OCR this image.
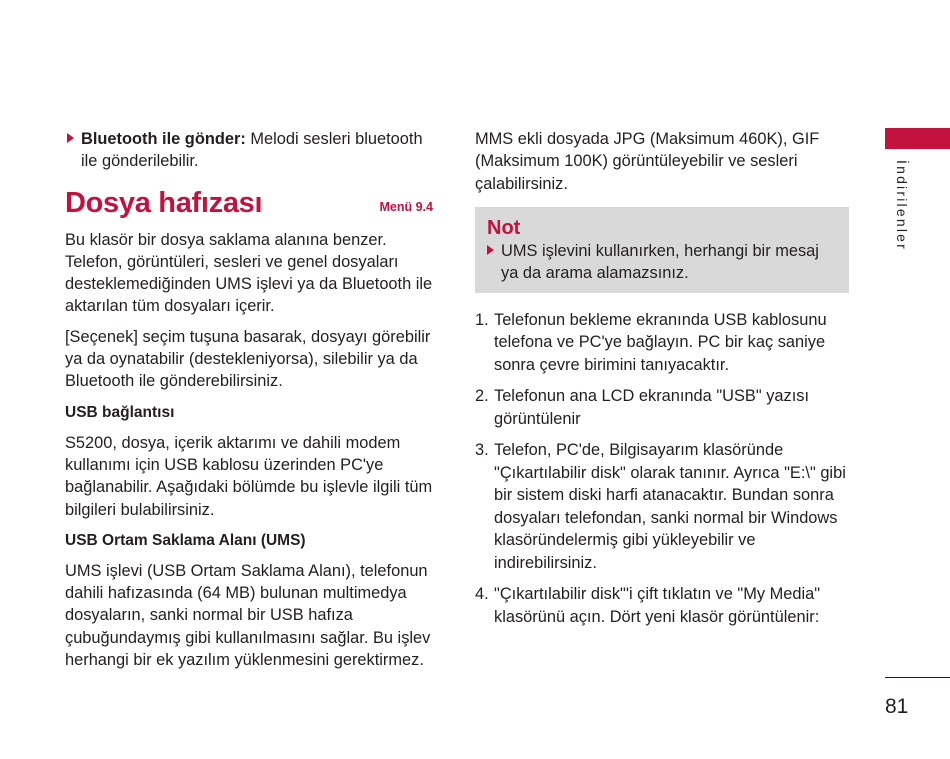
Bluetooth ile gönder: Melodi sesleri bluetooth ile gönderilebilir.

Dosya hafızası	Menü 9.4

Bu klasör bir dosya saklama alanına benzer. Telefon, görüntüleri, sesleri ve genel dosyaları desteklemediğinden UMS işlevi ya da Bluetooth ile aktarılan tüm dosyaları içerir.

[Seçenek] seçim tuşuna basarak, dosyayı görebilir ya da oynatabilir (destekleniyorsa), silebilir ya da Bluetooth ile gönderebilirsiniz.

USB bağlantısı

S5200, dosya, içerik aktarımı ve dahili modem kullanımı için USB kablosu üzerinden PC'ye bağlanabilir. Aşağıdaki bölümde bu işlevle ilgili tüm bilgileri bulabilirsiniz.

USB Ortam Saklama Alanı (UMS)

UMS işlevi (USB Ortam Saklama Alanı), telefonun dahili hafızasında (64 MB) bulunan multimedya dosyaların, sanki normal bir USB hafıza çubuğundaymış gibi kullanılmasını sağlar. Bu işlev herhangi bir ek yazılım yüklenmesini gerektirmez.

MMS ekli dosyada JPG (Maksimum 460K), GIF (Maksimum 100K) görüntüleyebilir ve sesleri çalabilirsiniz.

Not

UMS işlevini kullanırken, herhangi bir mesaj ya da arama alamazsınız.

1. Telefonun bekleme ekranında USB kablosunu telefona ve PC'ye bağlayın. PC bir kaç saniye sonra çevre birimini tanıyacaktır.
2. Telefonun ana LCD ekranında "USB" yazısı görüntülenir
3. Telefon, PC'de, Bilgisayarım klasöründe "Çıkartılabilir disk" olarak tanınır. Ayrıca "E:\" gibi bir sistem diski harfi atanacaktır. Bundan sonra dosyaları telefondan, sanki normal bir Windows klasöründelermiş gibi yükleyebilir ve indirebilirsiniz.
4. "Çıkartılabilir disk"'i çift tıklatın ve "My Media" klasörünü açın. Dört yeni klasör görüntülenir:
İndirilenler
81
